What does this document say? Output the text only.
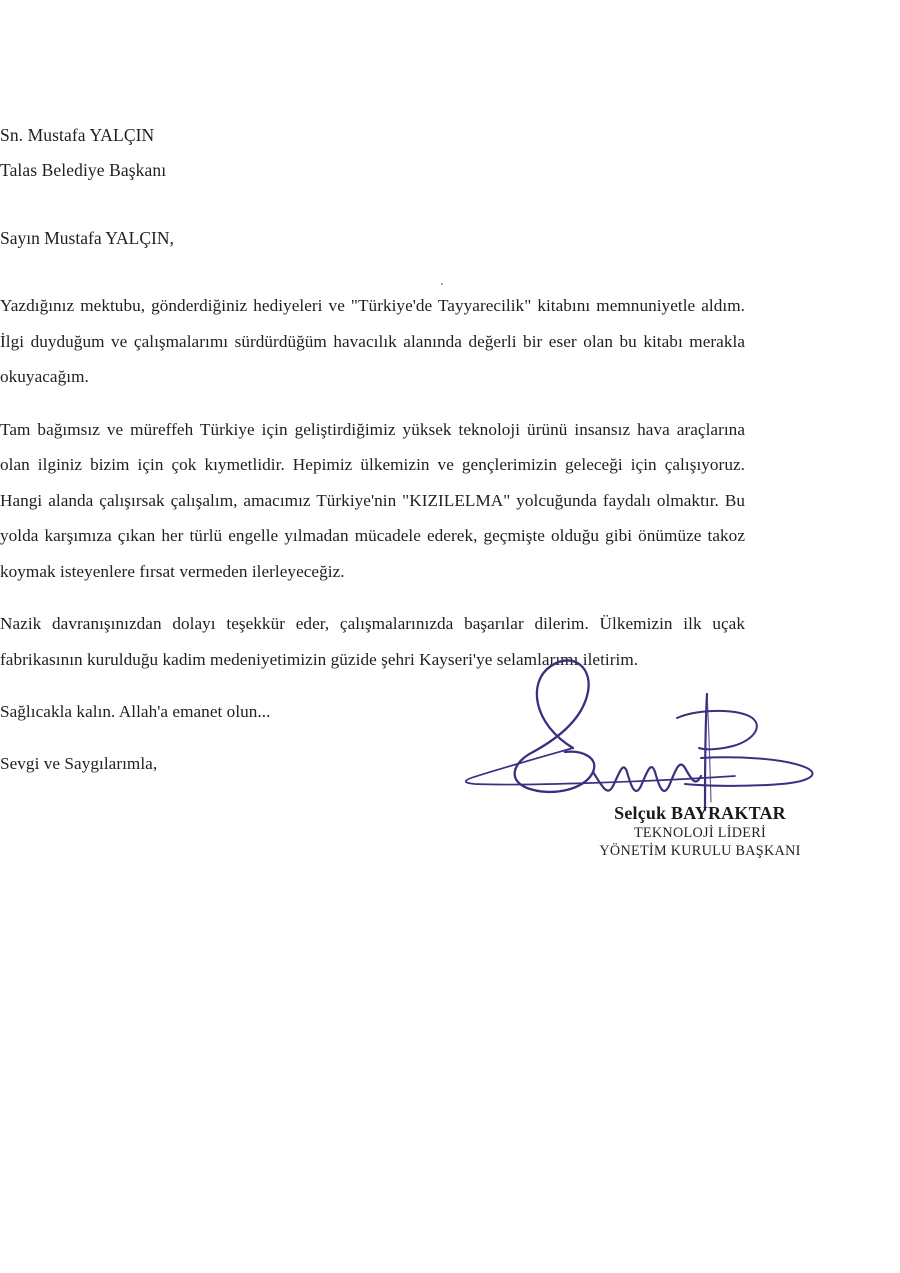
Sn. Mustafa YALÇIN
Talas Belediye Başkanı
Sayın Mustafa YALÇIN,

Yazdığınız mektubu, gönderdiğiniz hediyeleri ve "Türkiye'de Tayyarecilik" kitabını memnuniyetle aldım. İlgi duyduğum ve çalışmalarımı sürdürdüğüm havacılık alanında değerli bir eser olan bu kitabı merakla okuyacağım.

Tam bağımsız ve müreffeh Türkiye için geliştirdiğimiz yüksek teknoloji ürünü insansız hava araçlarına olan ilginiz bizim için çok kıymetlidir. Hepimiz ülkemizin ve gençlerimizin geleceği için çalışıyoruz. Hangi alanda çalışırsak çalışalım, amacımız Türkiye'nin "KIZILELMA" yolcuğunda faydalı olmaktır. Bu yolda karşımıza çıkan her türlü engelle yılmadan mücadele ederek, geçmişte olduğu gibi önümüze takoz koymak isteyenlere fırsat vermeden ilerleyeceğiz.

Nazik davranışınızdan dolayı teşekkür eder, çalışmalarınızda başarılar dilerim. Ülkemizin ilk uçak fabrikasının kurulduğu kadim medeniyetimizin güzide şehri Kayseri'ye selamlarımı iletirim.

Sağlıcakla kalın. Allah'a emanet olun...

Sevgi ve Saygılarımla,

Selçuk BAYRAKTAR
TEKNOLOJİ LİDERİ
YÖNETİM KURULU BAŞKANI
